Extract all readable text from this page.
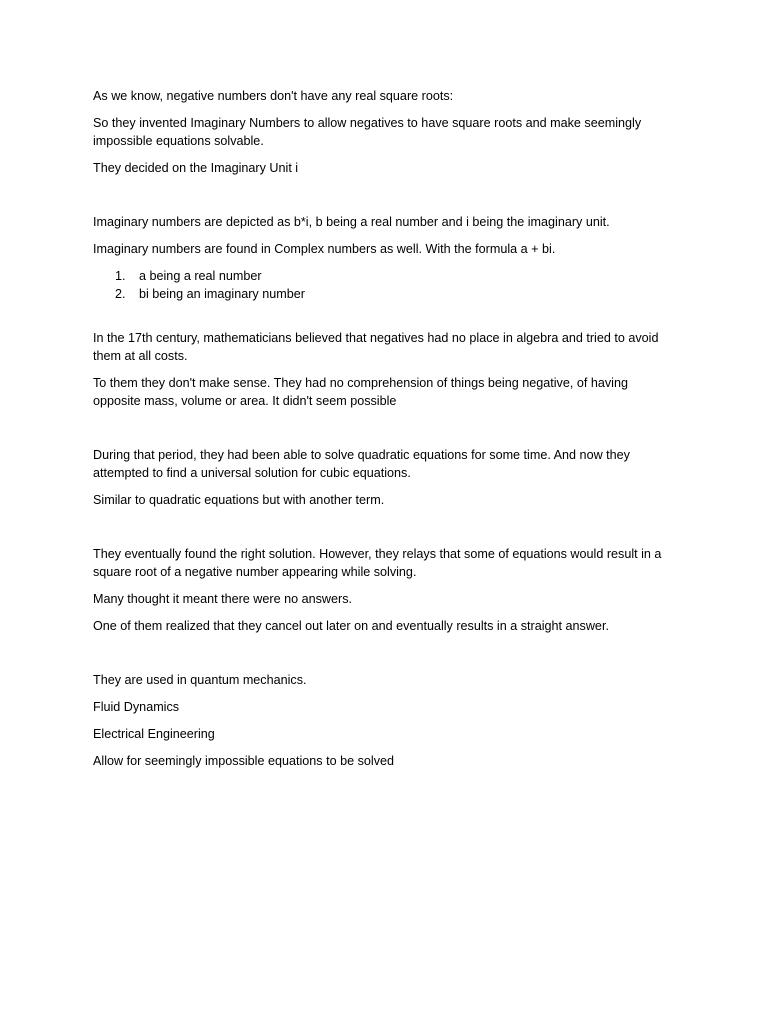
As we know, negative numbers don't have any real square roots:

So they invented Imaginary Numbers to allow negatives to have square roots and make seemingly impossible equations solvable.

They decided on the Imaginary Unit i

Imaginary numbers are depicted as b*i, b being a real number and i being the imaginary unit.

Imaginary numbers are found in Complex numbers as well. With the formula a + bi.

1. a being a real number
2. bi being an imaginary number

In the 17th century, mathematicians believed that negatives had no place in algebra and tried to avoid them at all costs.

To them they don't make sense. They had no comprehension of things being negative, of having opposite mass, volume or area. It didn't seem possible

During that period, they had been able to solve quadratic equations for some time. And now they attempted to find a universal solution for cubic equations.

Similar to quadratic equations but with another term.

They eventually found the right solution. However, they relays that some of equations would result in a square root of a negative number appearing while solving.

Many thought it meant there were no answers.

One of them realized that they cancel out later on and eventually results in a straight answer.

They are used in quantum mechanics.

Fluid Dynamics

Electrical Engineering

Allow for seemingly impossible equations to be solved
